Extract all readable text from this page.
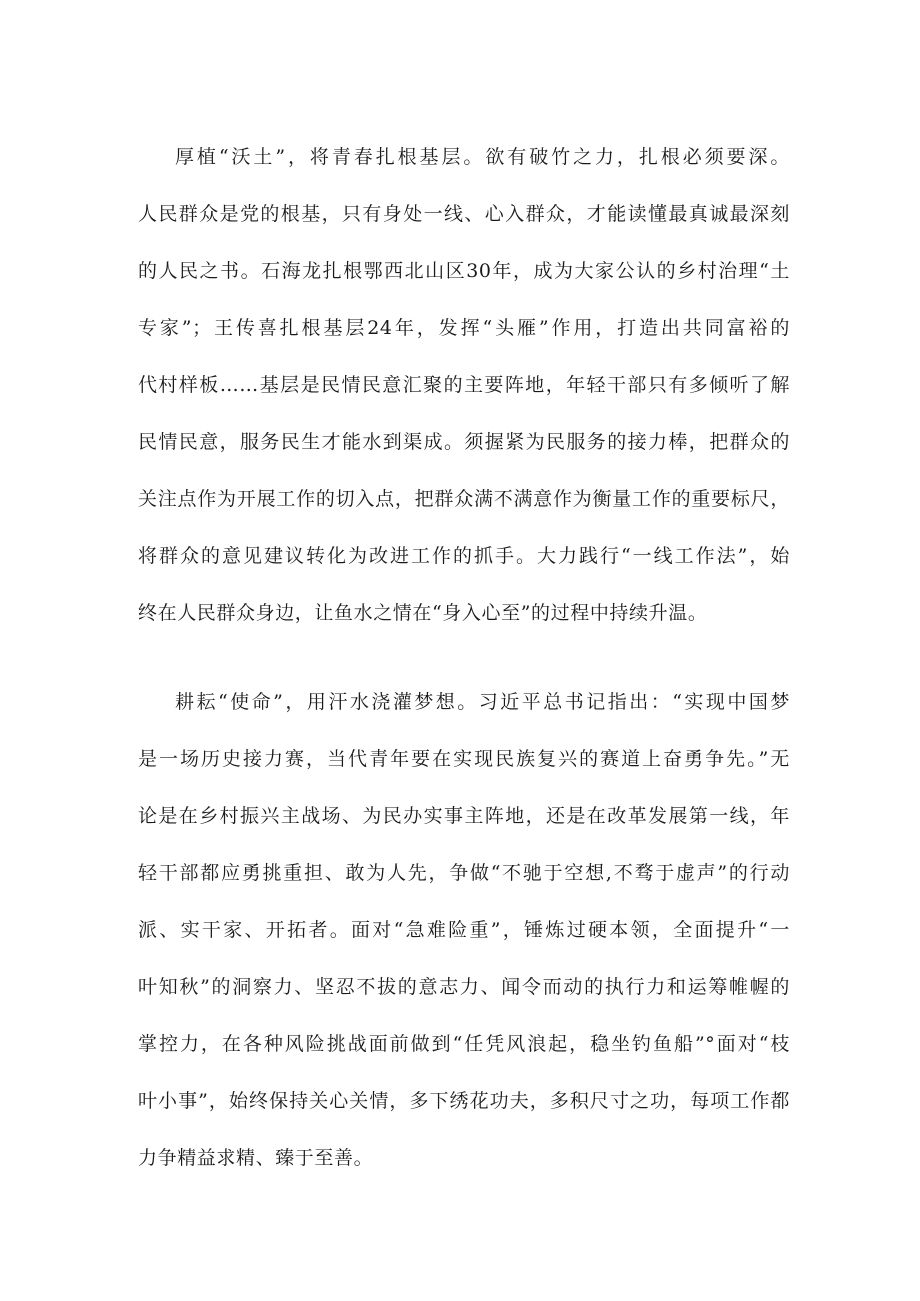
厚植“沃土”，将青春扎根基层。欲有破竹之力，扎根必须要深。
人民群众是党的根基，只有身处一线、心入群众，才能读懂最真诚最深刻
的人民之书。石海龙扎根鄂西北山区30年，成为大家公认的乡村治理“土
专家”；王传喜扎根基层24年，发挥“头雁”作用，打造出共同富裕的
代村样板……基层是民情民意汇聚的主要阵地，年轻干部只有多倾听了解
民情民意，服务民生才能水到渠成。须握紧为民服务的接力棒，把群众的
关注点作为开展工作的切入点，把群众满不满意作为衡量工作的重要标尺，
将群众的意见建议转化为改进工作的抓手。大力践行“一线工作法”，始
终在人民群众身边，让鱼水之情在“身入心至”的过程中持续升温。
耕耘“使命”，用汗水浇灌梦想。习近平总书记指出：“实现中国梦
是一场历史接力赛，当代青年要在实现民族复兴的赛道上奋勇争先。”无
论是在乡村振兴主战场、为民办实事主阵地，还是在改革发展第一线，年
轻干部都应勇挑重担、敢为人先，争做“不驰于空想,不骛于虚声”的行动
派、实干家、开拓者。面对“急难险重”，锤炼过硬本领，全面提升“一
叶知秋”的洞察力、坚忍不拔的意志力、闻令而动的执行力和运筹帷幄的
掌控力，在各种风险挑战面前做到“任凭风浪起，稳坐钓鱼船”°面对“枝
叶小事”，始终保持关心关情，多下绣花功夫，多积尺寸之功，每项工作都
力争精益求精、臻于至善。
